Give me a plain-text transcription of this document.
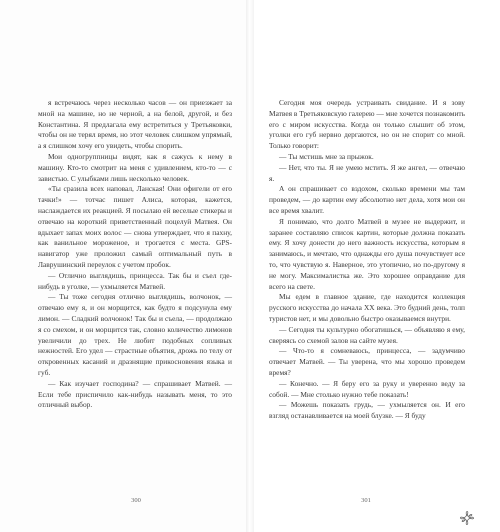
я встречаюсь через несколько часов — он приезжает за мной на машине, но не черной, а на белой, другой, и без Константина. Я предлагала ему встретиться у Третьяковки, чтобы он не терял время, но этот человек слишком упрямый, а я слишком хочу его увидеть, чтобы спорить.

Мои одногруппницы видят, как я сажусь к нему в машину. Кто-то смотрит на меня с удивлением, кто-то — с завистью. С улыбками лишь несколько человек.

«Ты сразила всех наповал, Ланская! Они офигели от его тачки!» — тотчас пишет Алиса, которая, кажется, наслаждается их реакцией. Я посылаю ей веселые стикеры и отвечаю на короткий приветственный поцелуй Матвея. Он вдыхает запах моих волос — снова утверждает, что я пахну, как ванильное мороженое, и трогается с места. GPS-навигатор уже проложил самый оптимальный путь в Лаврушинский переулок с учетом пробок.

— Отлично выглядишь, принцесса. Так бы и съел где-нибудь в уголке, — ухмыляется Матвей.

— Ты тоже сегодня отлично выглядишь, волчонок, — отвечаю ему я, и он морщится, как будто я подсунула ему лимон. — Сладкий волчонок! Так бы и съела, — продолжаю я со смехом, и он морщится так, словно количество лимонов увеличили до трех. Не любит подобных сопливых нежностей. Его удел — страстные объятия, дрожь по телу от откровенных касаний и дразнящие прикосновения языка и губ.

— Как изучает господина? — спрашивает Матвей. — Если тебе приспичило как-нибудь называть меня, то это отличный выбор.

300

Сегодня моя очередь устраивать свидание. И я зову Матвея в Третьяковскую галерею — мне хочется познакомить его с миром искусства. Когда он только слышит об этом, уголки его губ нервно дергаются, но он не спорит со мной. Только говорит:

— Ты мстишь мне за прыжок.

— Нет, что ты. Я не умею мстить. Я же ангел, — отвечаю я.

А он спрашивает со вздохом, сколько времени мы там проведем, — до картин ему абсолютно нет дела, хотя мои он все время хвалит.

Я понимаю, что долго Матвей в музее не выдержит, и заранее составляю список картин, которые должна показать ему. Я хочу донести до него важность искусства, которым я занимаюсь, и мечтаю, что однажды его душа почувствует все то, что чувствую я. Наверное, это утопично, но по-другому я не могу. Максималистка же. Это хорошее оправдание для всего на свете.

Мы едем в главное здание, где находится коллекция русского искусства до начала XX века. Это будний день, толп туристов нет, и мы довольно быстро оказываемся внутри.

— Сегодня ты культурно обогатишься, — объявляю я ему, сверяясь со схемой залов на сайте музея.

— Что-то я сомневаюсь, принцесса, — задумчиво отвечает Матвей. — Ты уверена, что мы хорошо проведем время?

— Конечно. — Я беру его за руку и уверенно веду за собой. — Мне столько нужно тебе показать!

— Можешь показать грудь, — ухмыляется он. И его взгляд останавливается на моей блузке. — Я буду

301
